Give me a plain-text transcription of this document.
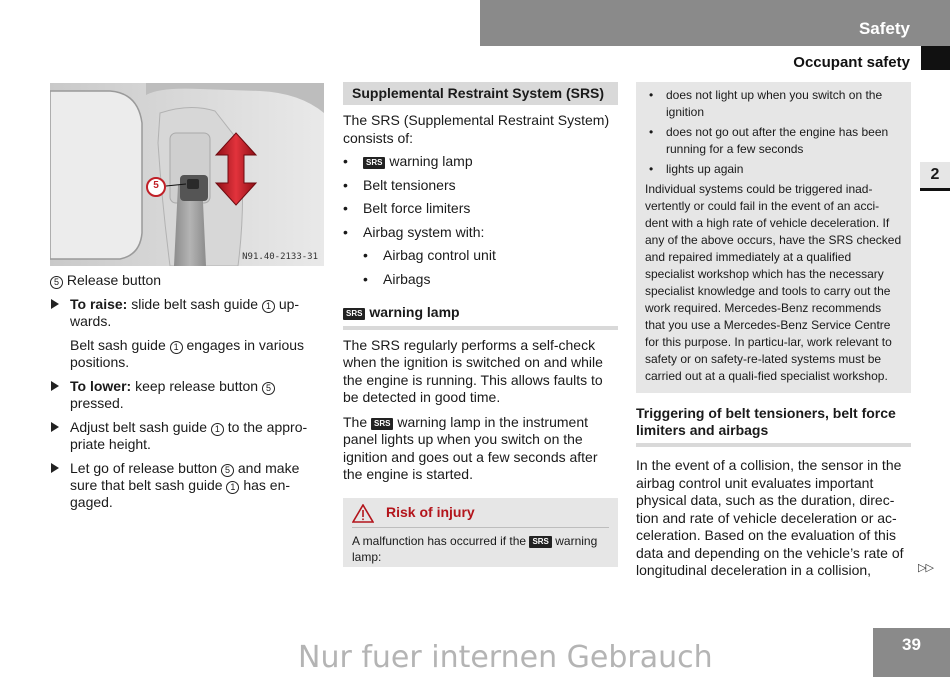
Safety
Occupant safety
2
5
N91.40-2133-31
5 Release button
To raise: slide belt sash guide 1 up-wards.
Belt sash guide 1 engages in various positions.
To lower: keep release button 5 pressed.
Adjust belt sash guide 1 to the appro-priate height.
Let go of release button 5 and make sure that belt sash guide 1 has en-gaged.
Supplemental Restraint System (SRS)
The SRS (Supplemental Restraint System) consists of:
• SRS warning lamp
• Belt tensioners
• Belt force limiters
• Airbag system with:
• Airbag control unit
• Airbags
SRS warning lamp
The SRS regularly performs a self-check when the ignition is switched on and while the engine is running. This allows faults to be detected in good time.
The SRS warning lamp in the instrument panel lights up when you switch on the ignition and goes out a few seconds after the engine is started.
Risk of injury
A malfunction has occurred if the SRS warning lamp:
• does not light up when you switch on the ignition
• does not go out after the engine has been running for a few seconds
• lights up again
Individual systems could be triggered inad-vertently or could fail in the event of an acci-dent with a high rate of vehicle deceleration. If any of the above occurs, have the SRS checked and repaired immediately at a qualified specialist workshop which has the necessary specialist knowledge and tools to carry out the work required. Mercedes-Benz recommends that you use a Mercedes-Benz Service Centre for this purpose. In particu-lar, work relevant to safety or on safety-re-lated systems must be carried out at a quali-fied specialist workshop.
Triggering of belt tensioners, belt force limiters and airbags
In the event of a collision, the sensor in the airbag control unit evaluates important physical data, such as the duration, direc-tion and rate of vehicle deceleration or ac-celeration. Based on the evaluation of this data and depending on the vehicle’s rate of longitudinal deceleration in a collision,	▷▷
39
Nur fuer internen Gebrauch
